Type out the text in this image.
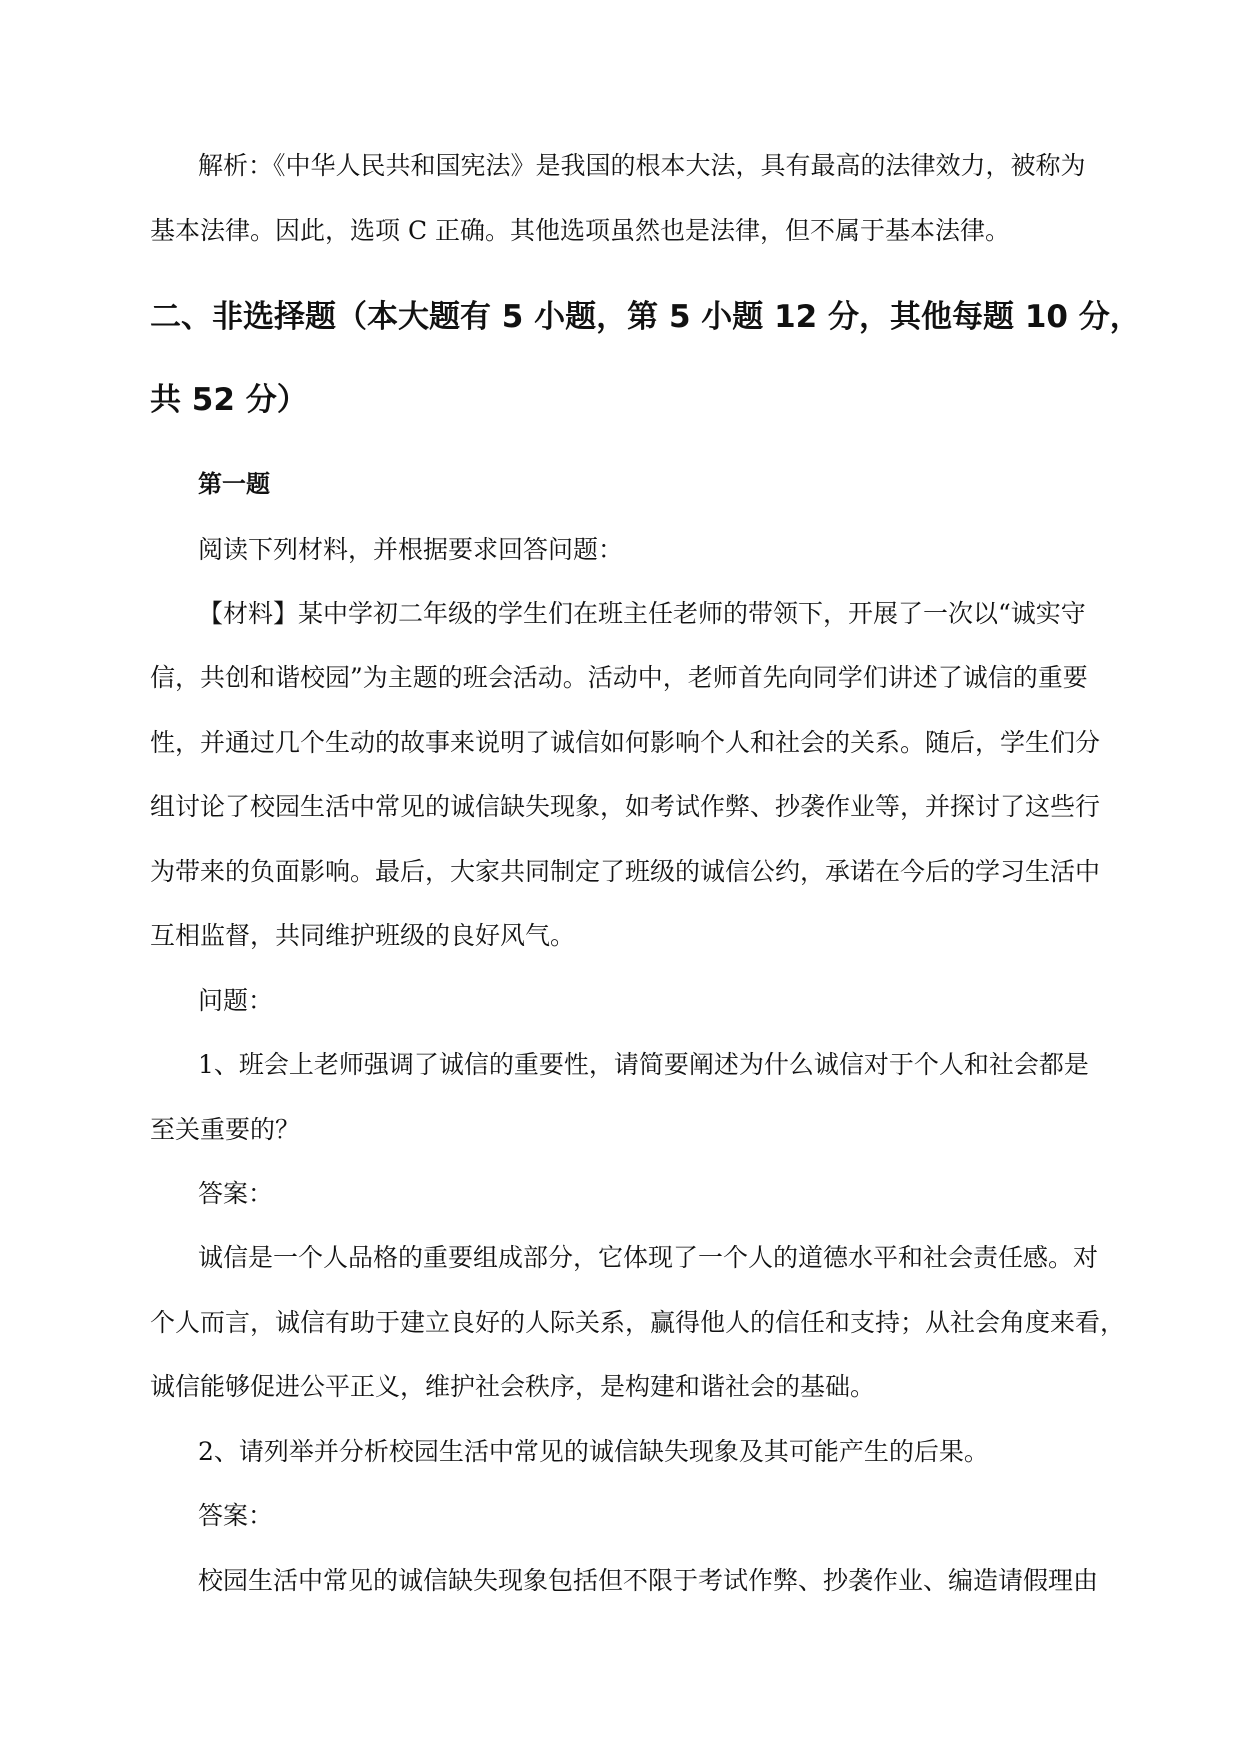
解析：《中华人民共和国宪法》是我国的根本大法，具有最高的法律效力，被称为
基本法律。因此，选项 C 正确。其他选项虽然也是法律，但不属于基本法律。
二、非选择题（本大题有 5 小题，第 5 小题 12 分，其他每题 10 分，
共 52 分）
第一题
阅读下列材料，并根据要求回答问题：
【材料】某中学初二年级的学生们在班主任老师的带领下，开展了一次以“诚实守
信，共创和谐校园”为主题的班会活动。活动中，老师首先向同学们讲述了诚信的重要
性，并通过几个生动的故事来说明了诚信如何影响个人和社会的关系。随后，学生们分
组讨论了校园生活中常见的诚信缺失现象，如考试作弊、抄袭作业等，并探讨了这些行
为带来的负面影响。最后，大家共同制定了班级的诚信公约，承诺在今后的学习生活中
互相监督，共同维护班级的良好风气。
问题：
1、班会上老师强调了诚信的重要性，请简要阐述为什么诚信对于个人和社会都是
至关重要的？
答案：
诚信是一个人品格的重要组成部分，它体现了一个人的道德水平和社会责任感。对
个人而言，诚信有助于建立良好的人际关系，赢得他人的信任和支持；从社会角度来看，
诚信能够促进公平正义，维护社会秩序，是构建和谐社会的基础。
2、请列举并分析校园生活中常见的诚信缺失现象及其可能产生的后果。
答案：
校园生活中常见的诚信缺失现象包括但不限于考试作弊、抄袭作业、编造请假理由
